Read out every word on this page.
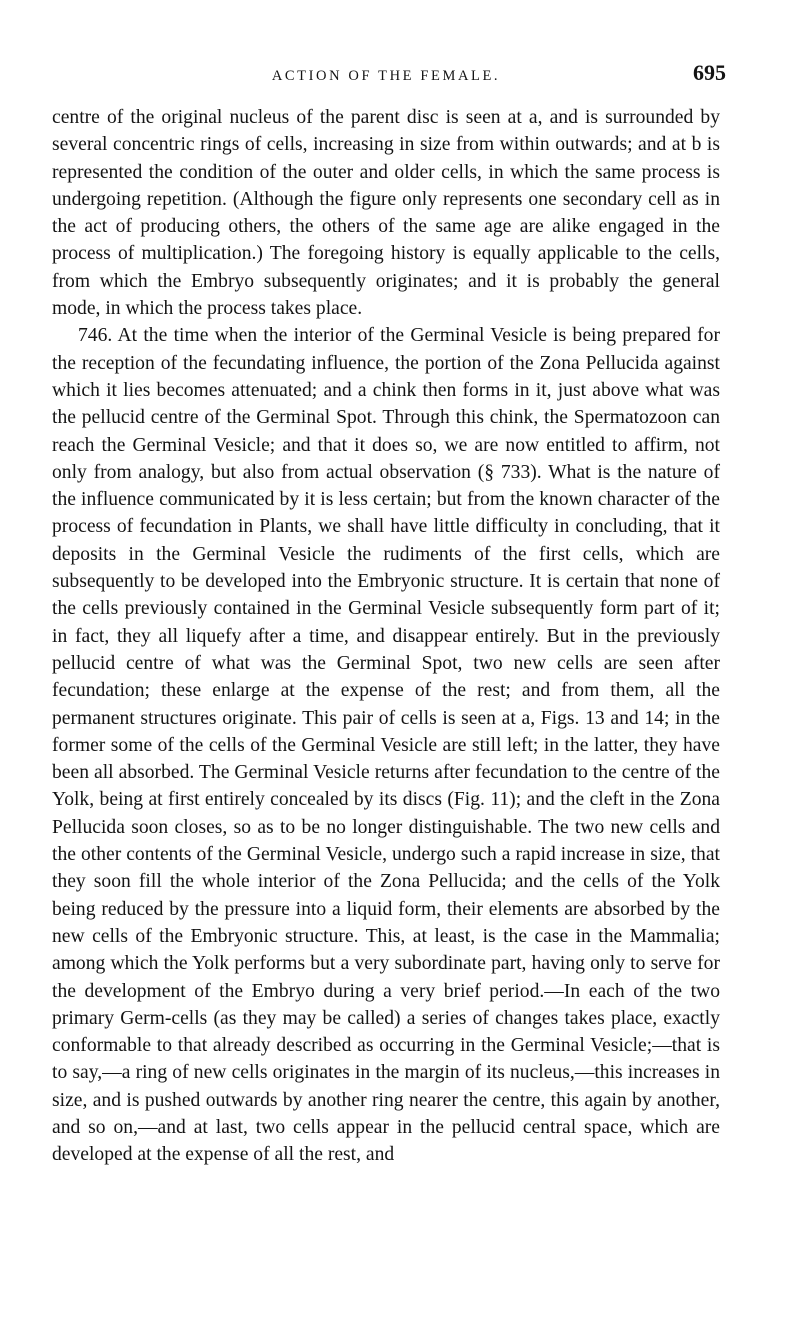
ACTION OF THE FEMALE.	695

centre of the original nucleus of the parent disc is seen at a, and is surrounded by several concentric rings of cells, increasing in size from within outwards; and at b is represented the condition of the outer and older cells, in which the same process is undergoing repetition. (Although the figure only represents one secondary cell as in the act of producing others, the others of the same age are alike engaged in the process of multiplication.) The foregoing history is equally applicable to the cells, from which the Embryo subsequently originates; and it is probably the general mode, in which the process takes place.

746. At the time when the interior of the Germinal Vesicle is being prepared for the reception of the fecundating influence, the portion of the Zona Pellucida against which it lies becomes attenuated; and a chink then forms in it, just above what was the pellucid centre of the Germinal Spot. Through this chink, the Spermatozoon can reach the Germinal Vesicle; and that it does so, we are now entitled to affirm, not only from analogy, but also from actual observation (§ 733). What is the nature of the influence communicated by it is less certain; but from the known character of the process of fecundation in Plants, we shall have little difficulty in concluding, that it deposits in the Germinal Vesicle the rudiments of the first cells, which are subsequently to be developed into the Embryonic structure. It is certain that none of the cells previously contained in the Germinal Vesicle subsequently form part of it; in fact, they all liquefy after a time, and disappear entirely. But in the previously pellucid centre of what was the Germinal Spot, two new cells are seen after fecundation; these enlarge at the expense of the rest; and from them, all the permanent structures originate. This pair of cells is seen at a, Figs. 13 and 14; in the former some of the cells of the Germinal Vesicle are still left; in the latter, they have been all absorbed. The Germinal Vesicle returns after fecundation to the centre of the Yolk, being at first entirely concealed by its discs (Fig. 11); and the cleft in the Zona Pellucida soon closes, so as to be no longer distinguishable. The two new cells and the other contents of the Germinal Vesicle, undergo such a rapid increase in size, that they soon fill the whole interior of the Zona Pellucida; and the cells of the Yolk being reduced by the pressure into a liquid form, their elements are absorbed by the new cells of the Embryonic structure. This, at least, is the case in the Mammalia; among which the Yolk performs but a very subordinate part, having only to serve for the development of the Embryo during a very brief period.—In each of the two primary Germ-cells (as they may be called) a series of changes takes place, exactly conformable to that already described as occurring in the Germinal Vesicle;—that is to say,—a ring of new cells originates in the margin of its nucleus,—this increases in size, and is pushed outwards by another ring nearer the centre, this again by another, and so on,—and at last, two cells appear in the pellucid central space, which are developed at the expense of all the rest, and
